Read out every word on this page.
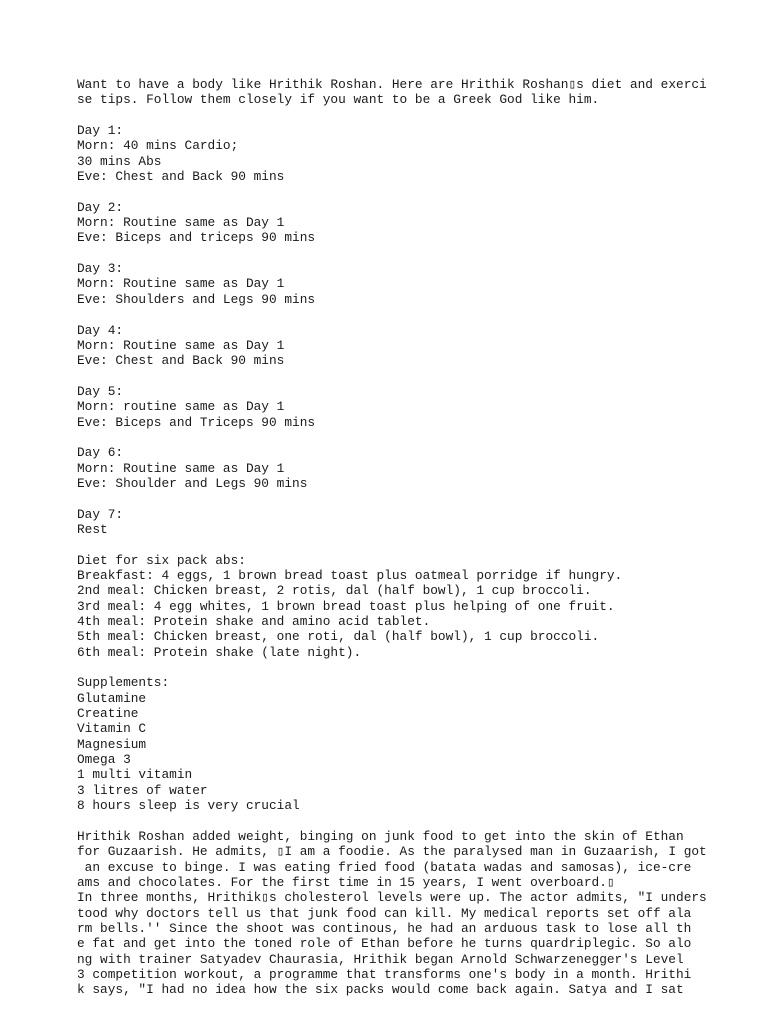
Want to have a body like Hrithik Roshan. Here are Hrithik Roshan▯s diet and exerci
se tips. Follow them closely if you want to be a Greek God like him.
Day 1:
Morn: 40 mins Cardio;
30 mins Abs
Eve: Chest and Back 90 mins
Day 2:
Morn: Routine same as Day 1
Eve: Biceps and triceps 90 mins
Day 3:
Morn: Routine same as Day 1
Eve: Shoulders and Legs 90 mins
Day 4:
Morn: Routine same as Day 1
Eve: Chest and Back 90 mins
Day 5:
Morn: routine same as Day 1
Eve: Biceps and Triceps 90 mins
Day 6:
Morn: Routine same as Day 1
Eve: Shoulder and Legs 90 mins
Day 7:
Rest
Diet for six pack abs:
Breakfast: 4 eggs, 1 brown bread toast plus oatmeal porridge if hungry.
2nd meal: Chicken breast, 2 rotis, dal (half bowl), 1 cup broccoli.
3rd meal: 4 egg whites, 1 brown bread toast plus helping of one fruit.
4th meal: Protein shake and amino acid tablet.
5th meal: Chicken breast, one roti, dal (half bowl), 1 cup broccoli.
6th meal: Protein shake (late night).
Supplements:
Glutamine
Creatine
Vitamin C
Magnesium
Omega 3
1 multi vitamin
3 litres of water
8 hours sleep is very crucial
Hrithik Roshan added weight, binging on junk food to get into the skin of Ethan
for Guzaarish. He admits, ▯I am a foodie. As the paralysed man in Guzaarish, I got
an excuse to binge. I was eating fried food (batata wadas and samosas), ice-cre
ams and chocolates. For the first time in 15 years, I went overboard.▯
In three months, Hrithik▯s cholesterol levels were up. The actor admits, "I unders
tood why doctors tell us that junk food can kill. My medical reports set off ala
rm bells.'' Since the shoot was continous, he had an arduous task to lose all th
e fat and get into the toned role of Ethan before he turns quardriplegic. So alo
ng with trainer Satyadev Chaurasia, Hrithik began Arnold Schwarzenegger's Level
3 competition workout, a programme that transforms one's body in a month. Hrithi
k says, "I had no idea how the six packs would come back again. Satya and I sat
